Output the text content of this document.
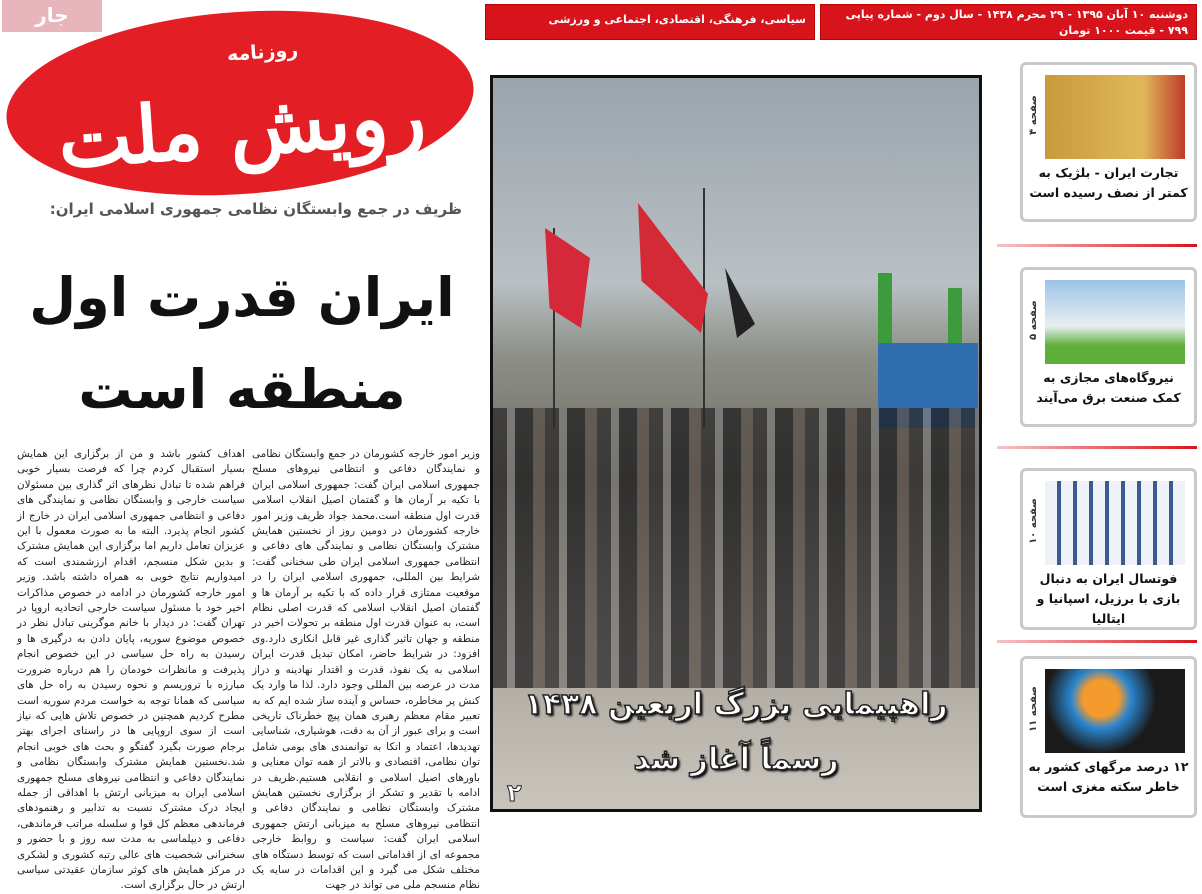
جار
روزنامه
رویش ملت
سیاسی، فرهنگی، اقتصادی، اجتماعی و ورزشی	دوشنبه ۱۰ آبان ۱۳۹۵ - ۲۹ محرم ۱۴۳۸ - سال دوم - شماره پیاپی ۷۹۹ - قیمت ۱۰۰۰ تومان
ظریف در جمع وابستگان نظامی جمهوری اسلامی ایران:
ایران قدرت اول
منطقه است
وزیر امور خارجه کشورمان در جمع وابستگان نظامی و نمایندگان دفاعی و انتظامی نیروهای مسلح جمهوری اسلامی ایران گفت: جمهوری اسلامی ایران با تکیه بر آرمان ها و گفتمان اصیل انقلاب اسلامی قدرت اول منطقه است.محمد جواد ظریف وزیر امور خارجه کشورمان در دومین روز از نخستین همایش مشترک وابستگان نظامی و نمایندگی های دفاعی و انتظامی جمهوری اسلامی ایران طی سخنانی گفت: شرایط بین المللی، جمهوری اسلامی ایران را در موقعیت ممتازی قرار داده که با تکیه بر آرمان ها و گفتمان اصیل انقلاب اسلامی که قدرت اصلی نظام است، به عنوان قدرت اول منطقه بر تحولات اخیر در منطقه و جهان تاثیر گذاری غیر قابل انکاری دارد.وی افزود: در شرایط حاضر، امکان تبدیل قدرت ایران اسلامی به یک نفوذ، قدرت و اقتدار نهادینه و دراز مدت در عرصه بین المللی وجود دارد. لذا ما وارد یک کنش پر مخاطره، حساس و آینده ساز شده ایم که به تعبیر مقام معظم رهبری همان پیچ خطرناک تاریخی است و برای عبور از آن به دقت، هوشیاری، شناسایی تهدیدها، اعتماد و اتکا به توانمندی های بومی شامل توان نظامی، اقتصادی و بالاتر از همه توان معنایی و باورهای اصیل اسلامی و انقلابی هستیم.ظریف در ادامه با تقدیر و تشکر از برگزاری نخستین همایش مشترک وابستگان نظامی و نمایندگان دفاعی و انتظامی نیروهای مسلح به میزبانی ارتش جمهوری اسلامی ایران گفت: سیاست و روابط خارجی مجموعه ای از اقداماتی است که توسط دستگاه های مختلف شکل می گیرد و این اقدامات در سایه یک نظام منسجم ملی می تواند در جهت
اهداف کشور باشد و من از برگزاری این همایش بسیار استقبال کردم چرا که فرصت بسیار خوبی فراهم شده تا تبادل نظرهای اثر گذاری بین مسئولان سیاست خارجی و وابستگان نظامی و نمایندگی های دفاعی و انتظامی جمهوری اسلامی ایران در خارج از کشور انجام پذیرد. البته ما به صورت معمول با این عزیزان تعامل داریم اما برگزاری این همایش مشترک و بدین شکل منسجم، اقدام ارزشمندی است که امیدواریم نتایج خوبی به همراه داشته باشد. وزیر امور خارجه کشورمان در ادامه در خصوص مذاکرات اخیر خود با مسئول سیاست خارجی اتحادیه اروپا در تهران گفت: در دیدار با خانم موگرینی تبادل نظر در خصوص موضوع سوریه، پایان دادن به درگیری ها و رسیدن به راه حل سیاسی در این خصوص انجام پذیرفت و مانظرات خودمان را هم درباره ضرورت مبارزه با تروریسم و نحوه رسیدن به راه حل های سیاسی که همانا توجه به خواست مردم سوریه است مطرح کردیم همچنین در خصوص تلاش هایی که نیاز است از سوی اروپایی ها در راستای اجرای بهتر برجام صورت بگیرد گفتگو و بحث های خوبی انجام شد.نخستین همایش مشترک وابستگان نظامی و نمایندگان دفاعی و انتظامی نیروهای مسلح جمهوری اسلامی ایران به میزبانی ارتش با اهداقی از جمله ایجاد درک مشترک نسبت به تدابیر و رهنمودهای فرماندهی معظم کل قوا و سلسله مراتب فرماندهی، دفاعی و دیپلماسی به مدت سه روز و با حضور و سخنرانی شخصیت های عالی رتبه کشوری و لشکری در مرکز همایش های کوثر سازمان عقیدتی سیاسی ارتش در حال برگزاری است.
راهپیمایی بزرگ اربعین ۱۴۳۸
رسماً آغاز شد
۲
صفحه ۴
تجارت ایران - بلژیک به کمتر از نصف رسیده است
صفحه ۵
نیروگاه‌های مجازی به کمک صنعت برق می‌آیند
صفحه ۱۰
فوتسال ایران به دنبال بازی با برزیل، اسپانیا و ایتالیا
صفحه ۱۱
۱۲ درصد مرگهای کشور به خاطر سکته مغزی است
